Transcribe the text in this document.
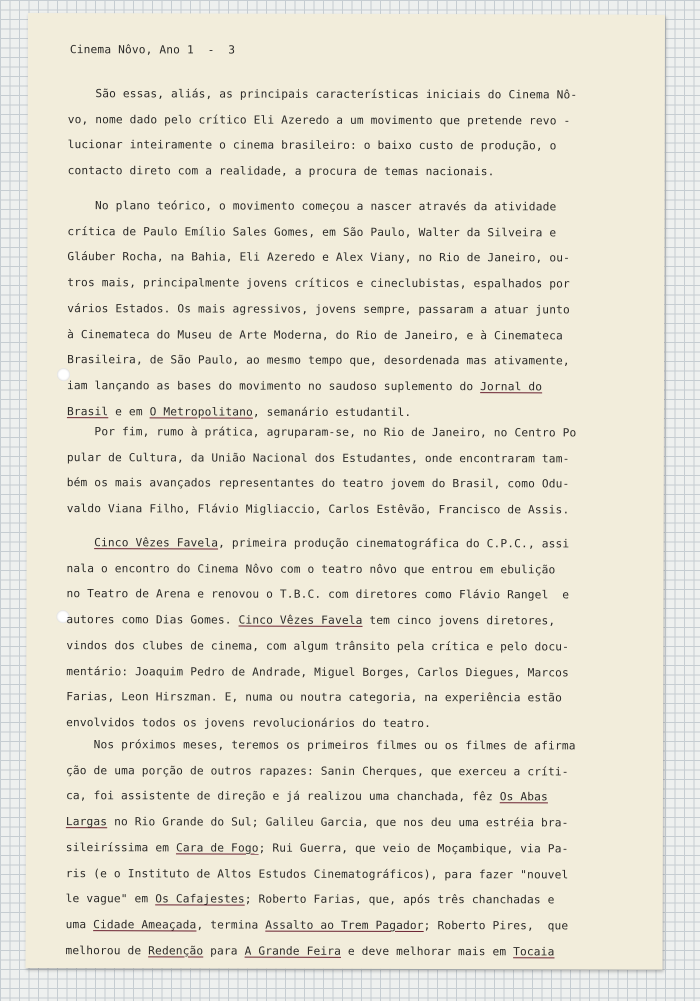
Cinema Nôvo, Ano 1  -  3
São essas, aliás, as principais características iniciais do Cinema Nô-
vo, nome dado pelo crítico Eli Azeredo a um movimento que pretende revo -
lucionar inteiramente o cinema brasileiro: o baixo custo de produção, o
contacto direto com a realidade, a procura de temas nacionais.
No plano teórico, o movimento começou a nascer através da atividade
crítica de Paulo Emílio Sales Gomes, em São Paulo, Walter da Silveira e
Gláuber Rocha, na Bahia, Eli Azeredo e Alex Viany, no Rio de Janeiro, ou-
tros mais, principalmente jovens críticos e cineclubistas, espalhados por
vários Estados. Os mais agressivos, jovens sempre, passaram a atuar junto
à Cinemateca do Museu de Arte Moderna, do Rio de Janeiro, e à Cinemateca
Brasileira, de São Paulo, ao mesmo tempo que, desordenada mas ativamente,
iam lançando as bases do movimento no saudoso suplemento do Jornal do
Brasil e em O Metropolitano, semanário estudantil.
Por fim, rumo à prática, agruparam-se, no Rio de Janeiro, no Centro Po
pular de Cultura, da União Nacional dos Estudantes, onde encontraram tam-
bém os mais avançados representantes do teatro jovem do Brasil, como Odu-
valdo Viana Filho, Flávio Migliaccio, Carlos Estêvão, Francisco de Assis.
Cinco Vêzes Favela, primeira produção cinematográfica do C.P.C., assi
nala o encontro do Cinema Nôvo com o teatro nôvo que entrou em ebulição
no Teatro de Arena e renovou o T.B.C. com diretores como Flávio Rangel  e
autores como Dias Gomes. Cinco Vêzes Favela tem cinco jovens diretores,
vindos dos clubes de cinema, com algum trânsito pela crítica e pelo docu-
mentário: Joaquim Pedro de Andrade, Miguel Borges, Carlos Diegues, Marcos
Farias, Leon Hirszman. E, numa ou noutra categoria, na experiência estão
envolvidos todos os jovens revolucionários do teatro.
Nos próximos meses, teremos os primeiros filmes ou os filmes de afirma
ção de uma porção de outros rapazes: Sanin Cherques, que exerceu a críti-
ca, foi assistente de direção e já realizou uma chanchada, fêz Os Abas
Largas no Rio Grande do Sul; Galileu Garcia, que nos deu uma estréia bra-
sileiríssima em Cara de Fogo; Rui Guerra, que veio de Moçambique, via Pa-
ris (e o Instituto de Altos Estudos Cinematográficos), para fazer "nouvel
le vague" em Os Cafajestes; Roberto Farias, que, após três chanchadas e
uma Cidade Ameaçada, termina Assalto ao Trem Pagador; Roberto Pires,  que
melhorou de Redenção para A Grande Feira e deve melhorar mais em Tocaia
